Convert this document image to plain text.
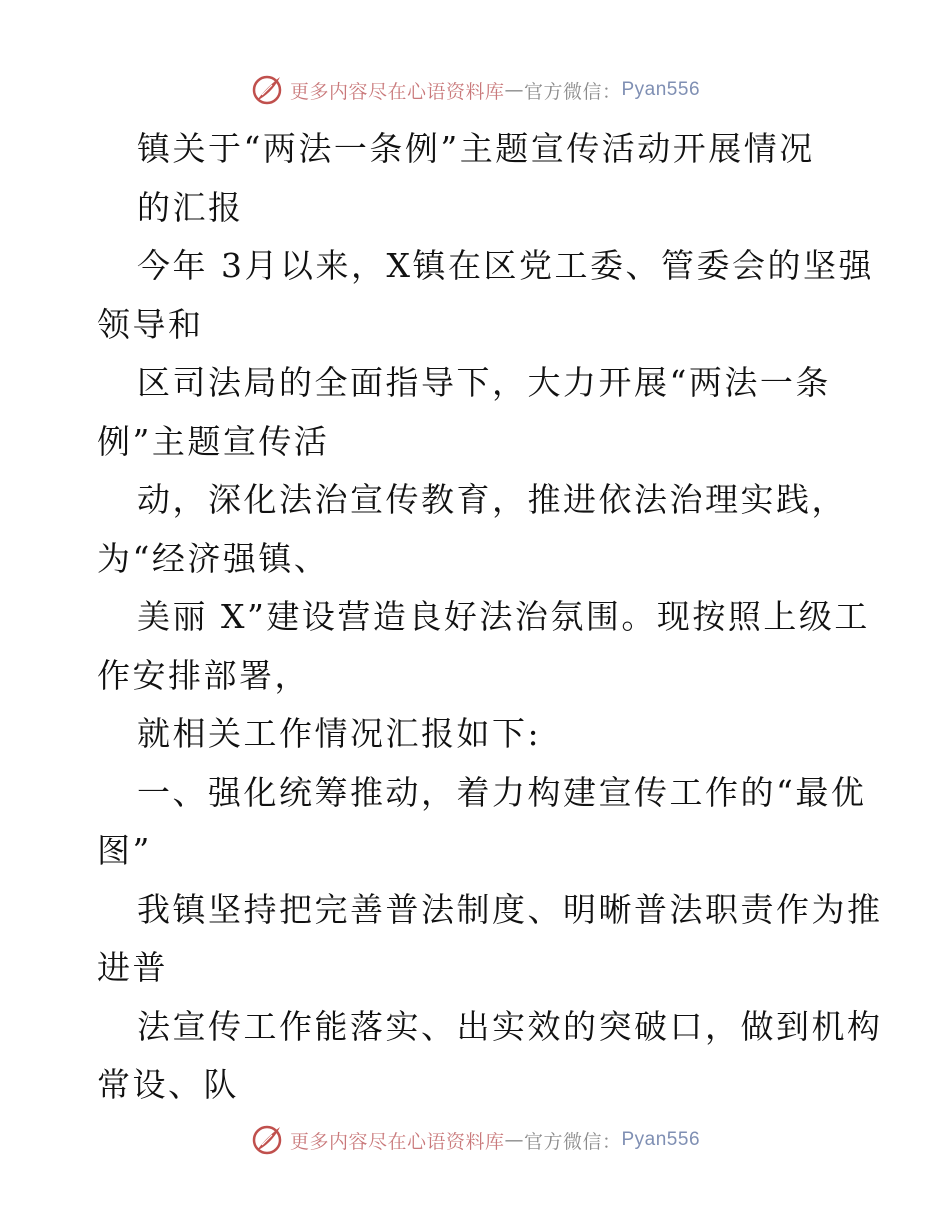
更多内容尽在心语资料库 — 官方微信： Pyan556
镇关于“两法一条例”主题宣传活动开展情况
的汇报
今年 3月以来，X镇在区党工委、管委会的坚强
领导和
区司法局的全面指导下，大力开展“两法一条
例”主题宣传活
动，深化法治宣传教育，推进依法治理实践，
为“经济强镇、
美丽 X”建设营造良好法治氛围。现按照上级工
作安排部署，
就相关工作情况汇报如下:
一、强化统筹推动，着力构建宣传工作的“最优
图”
我镇坚持把完善普法制度、明晰普法职责作为推
进普
法宣传工作能落实、出实效的突破口，做到机构
常设、队
更多内容尽在心语资料库 — 官方微信： Pyan556
